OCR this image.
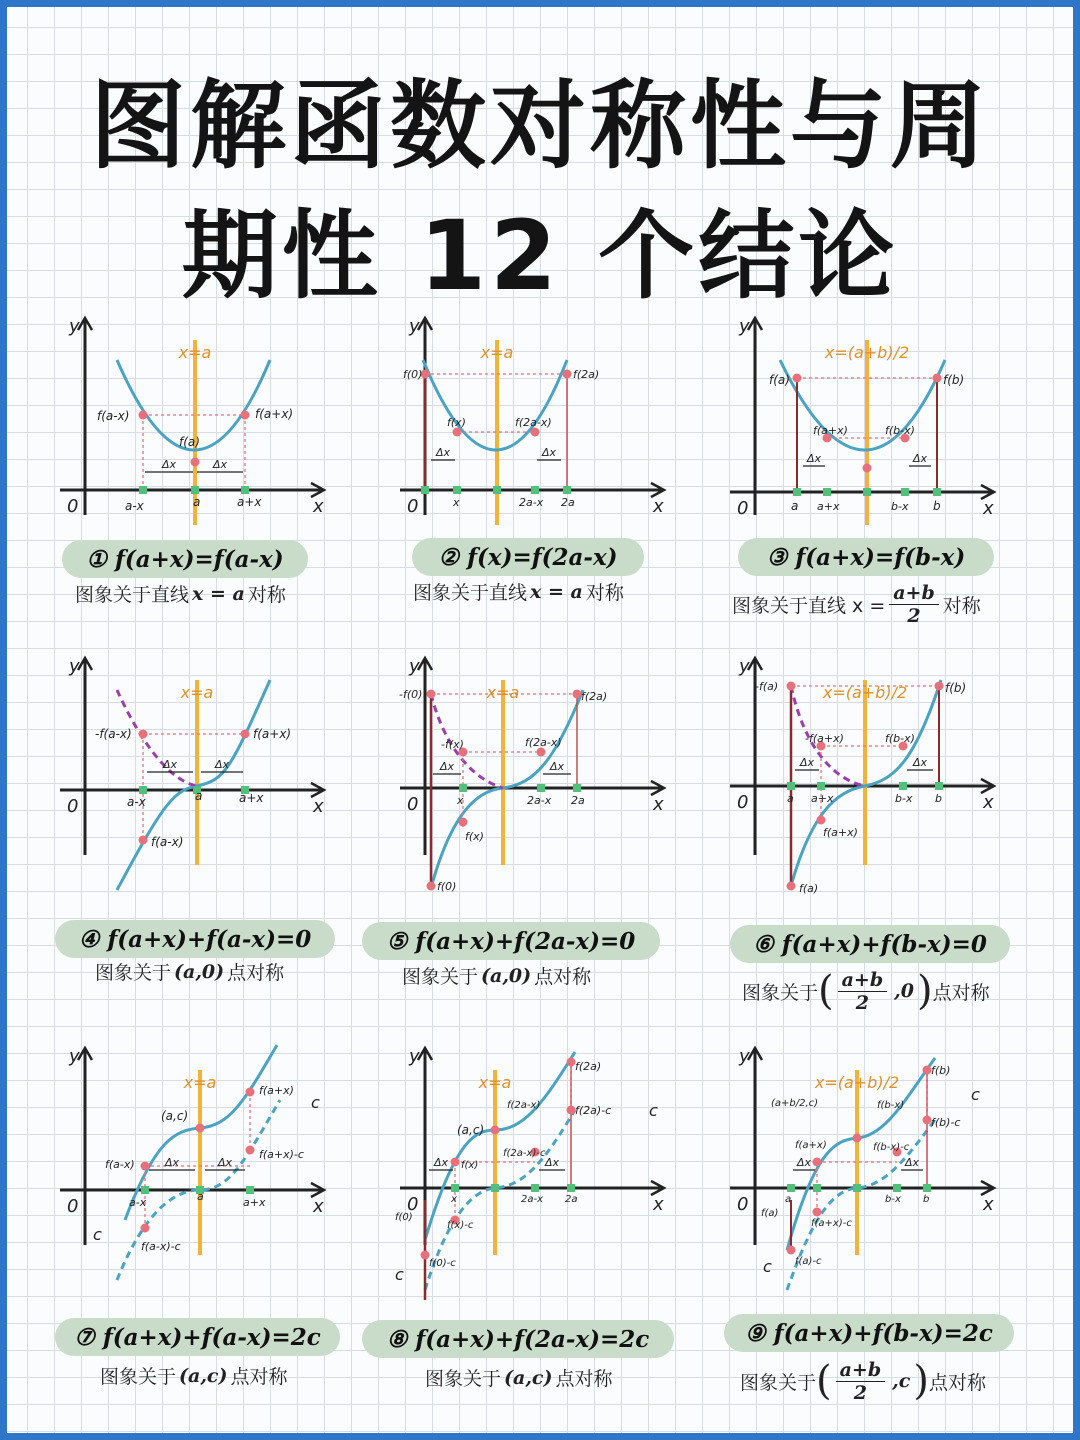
图解函数对称性与周
期性 12 个结论
y
x
0
x=a
f(a-x)	f(a+x)
f(a)
Δx	Δx
a-x	a	a+x
y
x
0
x=a
f(0)	f(2a)
f(x)	f(2a-x)
Δx	Δx
x	2a-x 2a
y
x
0
x=(a+b)/2
f(a)	f(b)
f(a+x)	f(b-x)
Δx	Δx
a a+x	b-x b
y
x
0
x=a
-f(a-x)	f(a+x)
f(a-x)
Δx	Δx
a-x	a	a+x
y
x
0
x=a
-f(0)	f(2a)
-f(x)	f(2a-x)
f(x)
f(0)
Δx	Δx
x	2a-x 2a
y
x
0
x=(a+b)/2
-f(a)	f(b)
-f(a+x)	f(b-x)
f(a+x)
f(a)
Δx	Δx
a a+x	b-x b
y
x
0
x=a
(a,c)
f(a+x)
f(a+x)-c
f(a-x)
f(a-x)-c
Δx	Δx
a-x	a	a+x
c
c
y
x
0
x=a
(a,c)
f(2a)
f(2a)-c
f(2a-x)
f(2a-x)-c
f(x)
f(x)-c
f(0)
f(0)-c
Δx	Δx
2a-x 2a
x
c
c
y
x
0
x=(a+b)/2
(a+b/2,c)
f(b)
f(b)-c
f(b-x)
f(b-x)-c
f(a+x)
f(a+x)-c
f(a)
f(a)-c
Δx	Δx
a	b-x b
c
c
① f(a+x)=f(a-x)	② f(x)=f(2a-x)	③ f(a+x)=f(b-x)
④ f(a+x)+f(a-x)=0	⑤ f(a+x)+f(2a-x)=0	⑥ f(a+x)+f(b-x)=0
⑦ f(a+x)+f(a-x)=2c	⑧ f(a+x)+f(2a-x)=2c	⑨ f(a+x)+f(b-x)=2c
图象关于直线 x = a 对称	图象关于直线 x = a 对称
图象关于直线 $x = \frac{a+b}{2}$ 对称
图象关于 (a,0) 点对称	图象关于 (a,0) 点对称
图象关于 ( $\frac{a+b}{2} ,0$ ) 点对称
图象关于 (a,c) 点对称	图象关于 (a,c) 点对称	图象关于 ( $\frac{a+b}{2} ,c$ ) 点对称
